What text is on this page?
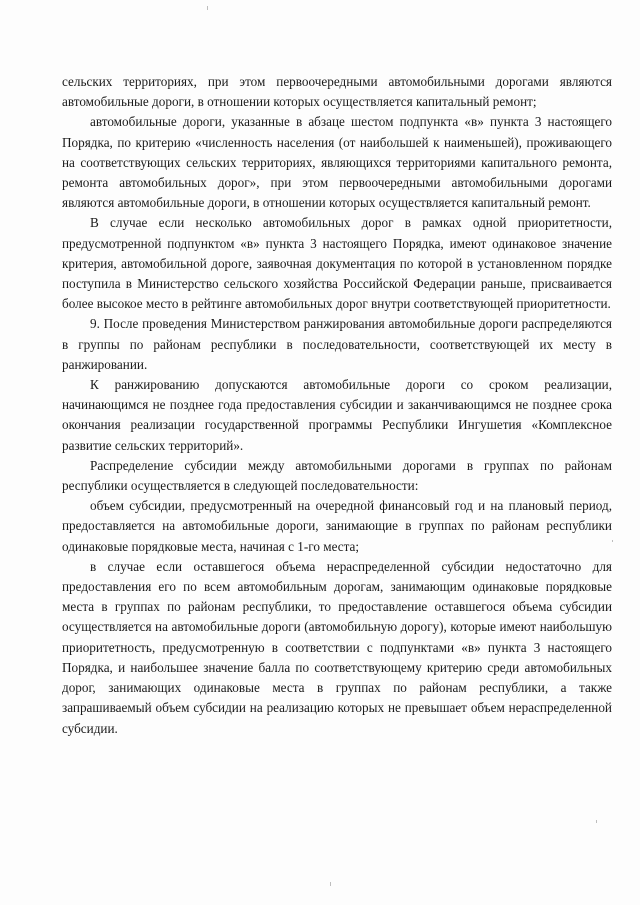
сельских территориях, при этом первоочередными автомобильными дорогами являются автомобильные дороги, в отношении которых осуществляется капитальный ремонт;

автомобильные дороги, указанные в абзаце шестом подпункта «в» пункта 3 настоящего Порядка, по критерию «численность населения (от наибольшей к наименьшей), проживающего на соответствующих сельских территориях, являющихся территориями капитального ремонта, ремонта автомобильных дорог», при этом первоочередными автомобильными дорогами являются автомобильные дороги, в отношении которых осуществляется капитальный ремонт.

В случае если несколько автомобильных дорог в рамках одной приоритетности, предусмотренной подпунктом «в» пункта 3 настоящего Порядка, имеют одинаковое значение критерия, автомобильной дороге, заявочная документация по которой в установленном порядке поступила в Министерство сельского хозяйства Российской Федерации раньше, присваивается более высокое место в рейтинге автомобильных дорог внутри соответствующей приоритетности.

9. После проведения Министерством ранжирования автомобильные дороги распределяются в группы по районам республики в последовательности, соответствующей их месту в ранжировании.

К ранжированию допускаются автомобильные дороги со сроком реализации, начинающимся не позднее года предоставления субсидии и заканчивающимся не позднее срока окончания реализации государственной программы Республики Ингушетия «Комплексное развитие сельских территорий».

Распределение субсидии между автомобильными дорогами в группах по районам республики осуществляется в следующей последовательности:

объем субсидии, предусмотренный на очередной финансовый год и на плановый период, предоставляется на автомобильные дороги, занимающие в группах по районам республики одинаковые порядковые места, начиная с 1-го места;

в случае если оставшегося объема нераспределенной субсидии недостаточно для предоставления его по всем автомобильным дорогам, занимающим одинаковые порядковые места в группах по районам республики, то предоставление оставшегося объема субсидии осуществляется на автомобильные дороги (автомобильную дорогу), которые имеют наибольшую приоритетность, предусмотренную в соответствии с подпунктами «в» пункта 3 настоящего Порядка, и наибольшее значение балла по соответствующему критерию среди автомобильных дорог, занимающих одинаковые места в группах по районам республики, а также запрашиваемый объем субсидии на реализацию которых не превышает объем нераспределенной субсидии.
